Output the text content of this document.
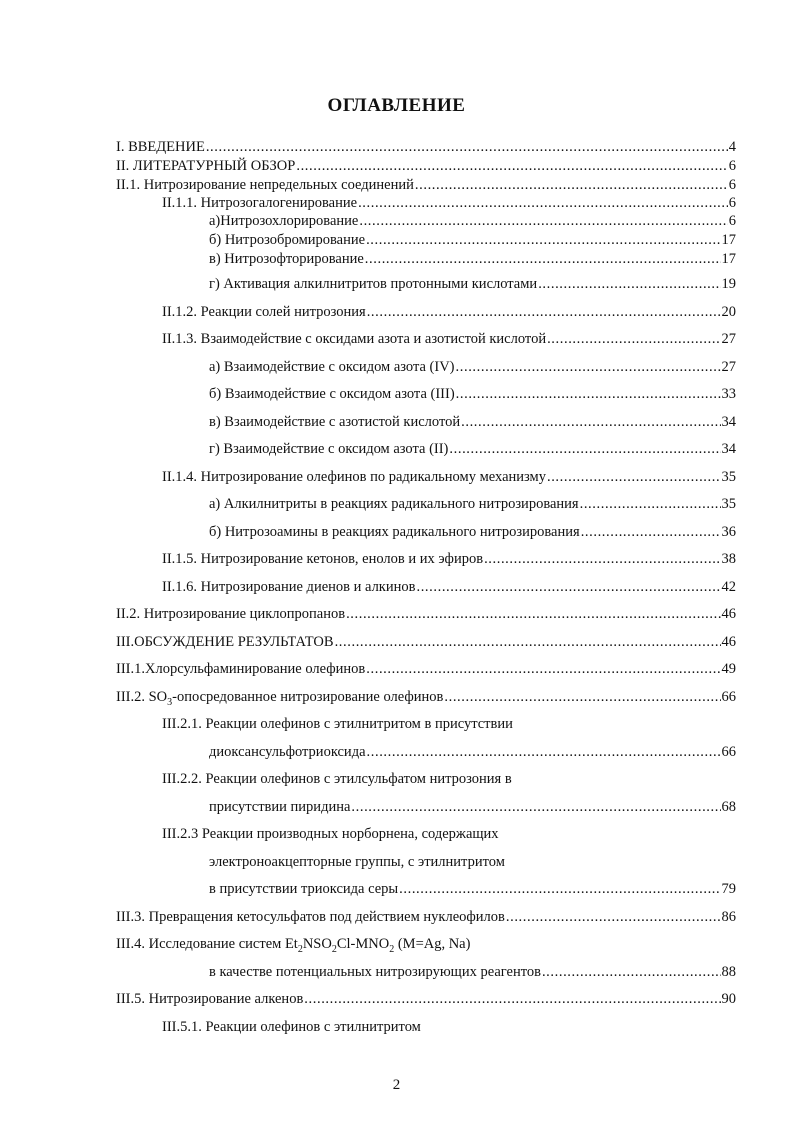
ОГЛАВЛЕНИЕ
I. ВВЕДЕНИЕ .....	4
II. ЛИТЕРАТУРНЫЙ ОБЗОР .....	6
II.1. Нитрозирование непредельных соединений .....	6
II.1.1. Нитрозогалогенирование .....	6
а)Нитрозохлорирование .....	6
б) Нитрозобромирование .....	17
в) Нитрозофторирование .....	17
г) Активация алкилнитритов протонными кислотами .....	19
II.1.2. Реакции солей нитрозония .....	20
II.1.3. Взаимодействие с оксидами азота и азотистой кислотой .....	27
а) Взаимодействие с оксидом азота (IV) .....	27
б) Взаимодействие с оксидом азота (III) .....	33
в) Взаимодействие с азотистой кислотой .....	34
г) Взаимодействие с оксидом азота (II) .....	34
II.1.4. Нитрозирование олефинов по радикальному механизму .....	35
а) Алкилнитриты в реакциях радикального нитрозирования .....	35
б) Нитрозоамины в реакциях радикального нитрозирования .....	36
II.1.5. Нитрозирование кетонов, енолов и их эфиров .....	38
II.1.6. Нитрозирование диенов и алкинов .....	42
II.2. Нитрозирование циклопропанов .....	46
III.ОБСУЖДЕНИЕ РЕЗУЛЬТАТОВ .....	46
III.1.Хлорсульфаминирование олефинов .....	49
III.2. $SO_3$-опосредованное нитрозирование олефинов .....	66
III.2.1. Реакции олефинов с этилнитритом в присутствии
диоксансульфотриоксида .....	66
III.2.2. Реакции олефинов с этилсульфатом нитрозония в
присутствии пиридина .....	68
III.2.3 Реакции производных норборнена, содержащих
электроноакцепторные группы, с этилнитритом
в присутствии триоксида серы .....	79
III.3. Превращения кетосульфатов под действием нуклеофилов .....	86
III.4. Исследование систем $Et_2NSO_2Cl-MNO_2$ (M=Ag, Na)
в качестве потенциальных нитрозирующих реагентов .....	88
III.5. Нитрозирование алкенов .....	90
III.5.1. Реакции олефинов с этилнитритом
2
